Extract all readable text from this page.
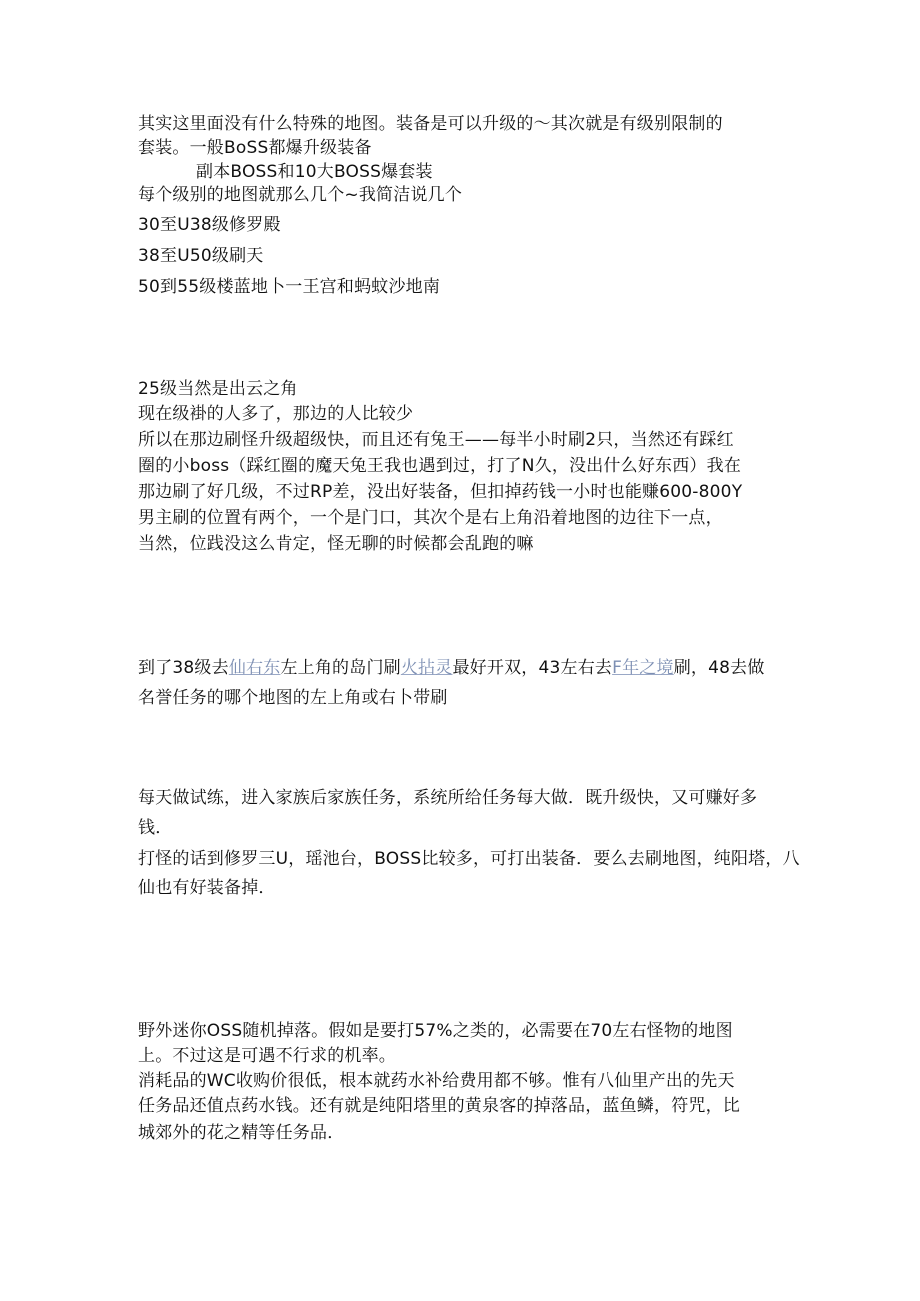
其实这里面没有什么特殊的地图。装备是可以升级的～其次就是有级别限制的
套装。一般BoSS都爆升级装备
副本BOSS和10大BOSS爆套装
每个级别的地图就那么几个~我简洁说几个
30至U38级修罗殿
38至U50级刷天
50到55级楼蓝地卜一王宫和蚂蚊沙地南
25级当然是出云之角
现在级褂的人多了，那边的人比较少
所以在那边刷怪升级超级快，而且还有兔王——每半小时刷2只，当然还有踩红
圈的小boss（踩红圈的魔天兔王我也遇到过，打了N久，没出什么好东西）我在
那边刷了好几级，不过RP差，没出好装备，但扣掉药钱一小时也能赚600-800Y
男主刷的位置有两个，一个是门口，其次个是右上角沿着地图的边往下一点，
当然，位践没这么肯定，怪无聊的时候都会乱跑的嘛
到了38级去仙右东左上角的岛门刷火拈灵最好开双，43左右去F年之境刷，48去做
名誉任务的哪个地图的左上角或右卜带刷
每天做试练，进入家族后家族任务，系统所给任务每大做．既升级快，又可赚好多
钱．
打怪的话到修罗三U，瑶池台，BOSS比较多，可打出装备．要么去刷地图，纯阳塔，八
仙也有好装备掉．
野外迷你OSS随机掉落。假如是要打57%之类的，必需要在70左右怪物的地图
上。不过这是可遇不行求的机率。
消耗品的WC收购价很低，根本就药水补给费用都不够。惟有八仙里产出的先天
任务品还值点药水钱。还有就是纯阳塔里的黄泉客的掉落品，蓝鱼鳞，符咒，比
城郊外的花之精等任务品．
